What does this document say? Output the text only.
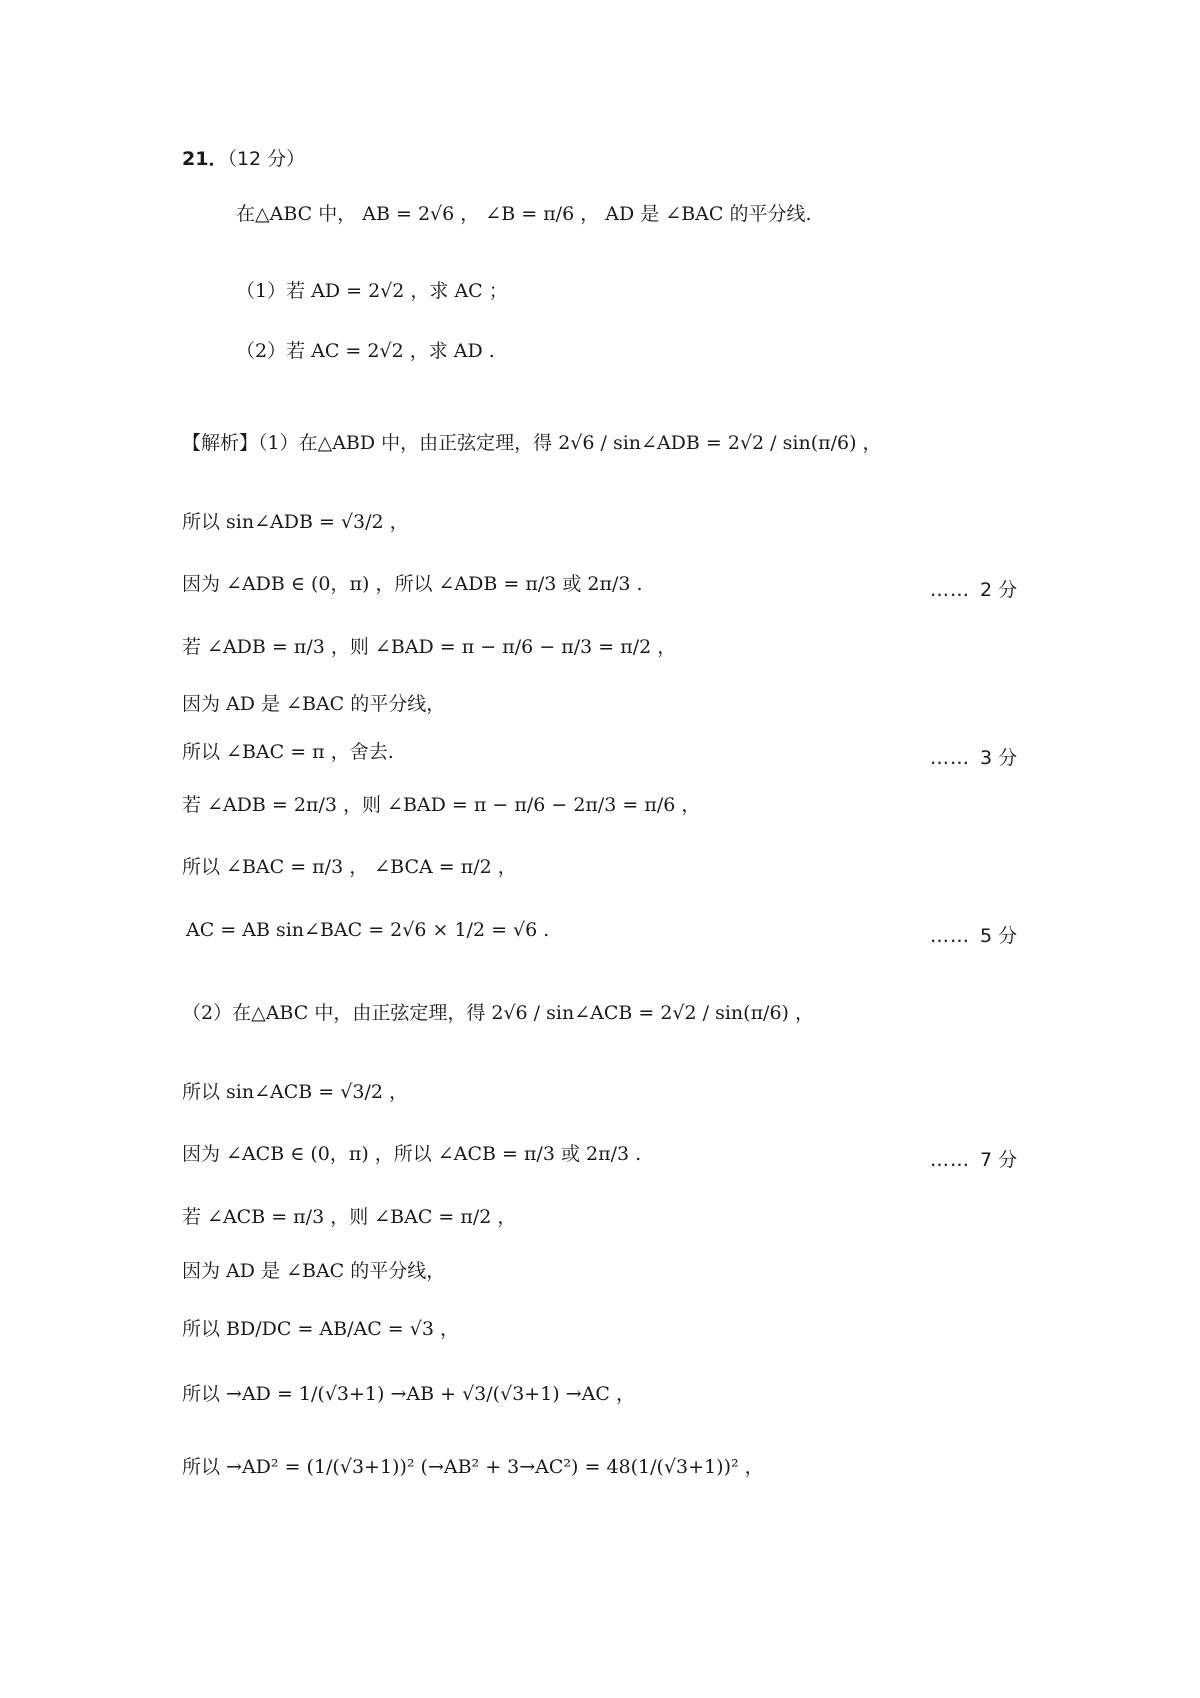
21．（12 分）
在△ABC 中， AB = 2√6 ， ∠B = π/6 ， AD 是 ∠BAC 的平分线.
（1）若 AD = 2√2 ，求 AC ；
（2）若 AC = 2√2 ，求 AD .
【解析】（1）在△ABD 中，由正弦定理，得 2√6 / sin∠ADB = 2√2 / sin(π/6) ，
所以 sin∠ADB = √3/2 ，
因为 ∠ADB ∈ (0，π) ，所以 ∠ADB = π/3 或 2π/3 .	…… 2 分
若 ∠ADB = π/3 ，则 ∠BAD = π − π/6 − π/3 = π/2 ，
因为 AD 是 ∠BAC 的平分线，
所以 ∠BAC = π ，舍去.	…… 3 分
若 ∠ADB = 2π/3 ，则 ∠BAD = π − π/6 − 2π/3 = π/6 ，
所以 ∠BAC = π/3 ， ∠BCA = π/2 ，
AC = AB sin∠BAC = 2√6 × 1/2 = √6 .	…… 5 分
（2）在△ABC 中，由正弦定理，得 2√6 / sin∠ACB = 2√2 / sin(π/6) ，
所以 sin∠ACB = √3/2 ，
因为 ∠ACB ∈ (0，π) ，所以 ∠ACB = π/3 或 2π/3 .	…… 7 分
若 ∠ACB = π/3 ，则 ∠BAC = π/2 ，
因为 AD 是 ∠BAC 的平分线，
所以 BD/DC = AB/AC = √3 ，
所以 →AD = 1/(√3+1) →AB + √3/(√3+1) →AC ，
所以 →AD² = (1/(√3+1))² (→AB² + 3→AC²) = 48(1/(√3+1))² ，
